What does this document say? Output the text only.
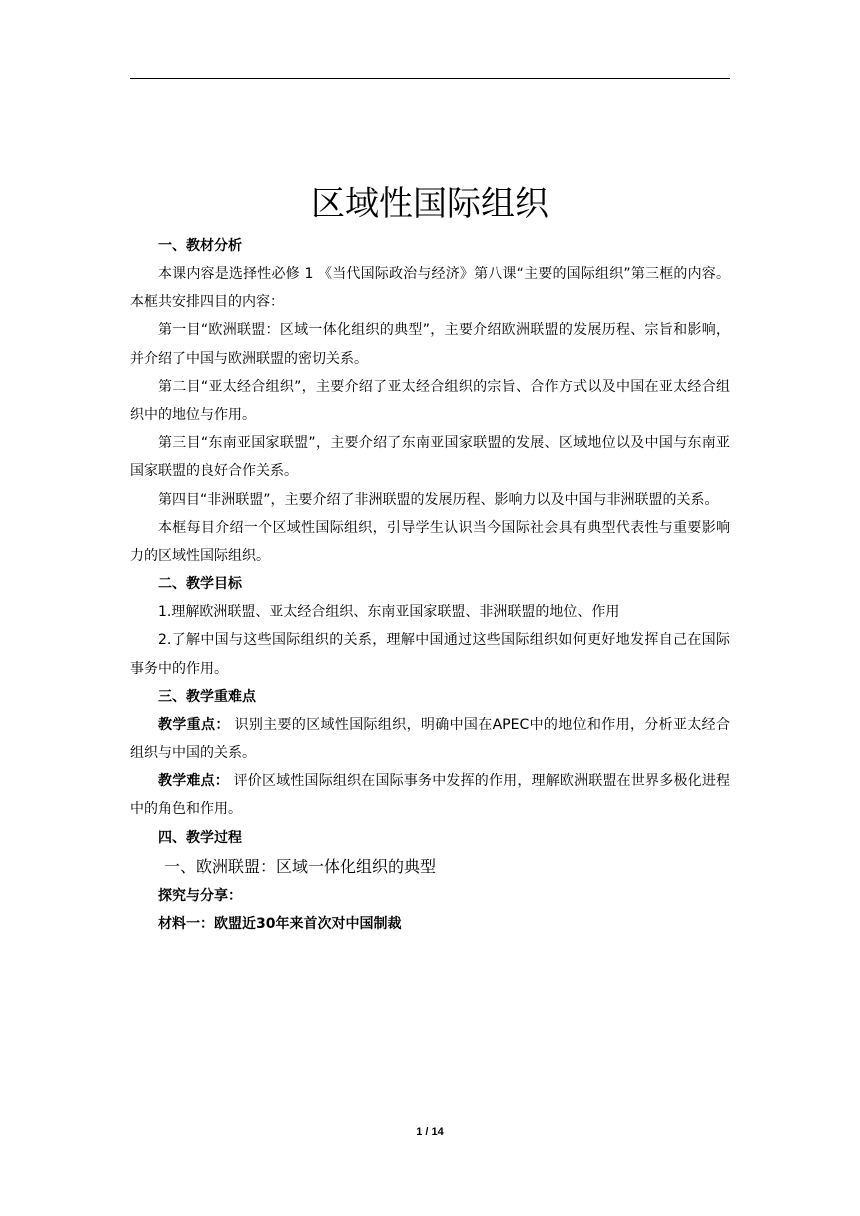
区域性国际组织
一、教材分析

本课内容是选择性必修 1 《当代国际政治与经济》第八课“主要的国际组织”第三框的内容。本框共安排四目的内容：

第一目“欧洲联盟：区域一体化组织的典型”，主要介绍欧洲联盟的发展历程、宗旨和影响，并介绍了中国与欧洲联盟的密切关系。

第二目“亚太经合组织”，主要介绍了亚太经合组织的宗旨、合作方式以及中国在亚太经合组织中的地位与作用。

第三目“东南亚国家联盟”，主要介绍了东南亚国家联盟的发展、区域地位以及中国与东南亚国家联盟的良好合作关系。

第四目“非洲联盟”，主要介绍了非洲联盟的发展历程、影响力以及中国与非洲联盟的关系。

本框每目介绍一个区域性国际组织，引导学生认识当今国际社会具有典型代表性与重要影响力的区域性国际组织。

二、教学目标

1.理解欧洲联盟、亚太经合组织、东南亚国家联盟、非洲联盟的地位、作用

2.了解中国与这些国际组织的关系，理解中国通过这些国际组织如何更好地发挥自己在国际事务中的作用。

三、教学重难点

教学重点： 识别主要的区域性国际组织，明确中国在APEC中的地位和作用，分析亚太经合组织与中国的关系。

教学难点： 评价区域性国际组织在国际事务中发挥的作用，理解欧洲联盟在世界多极化进程中的角色和作用。

四、教学过程
一、欧洲联盟：区域一体化组织的典型
探究与分享：
材料一：欧盟近30年来首次对中国制裁
1 / 14
